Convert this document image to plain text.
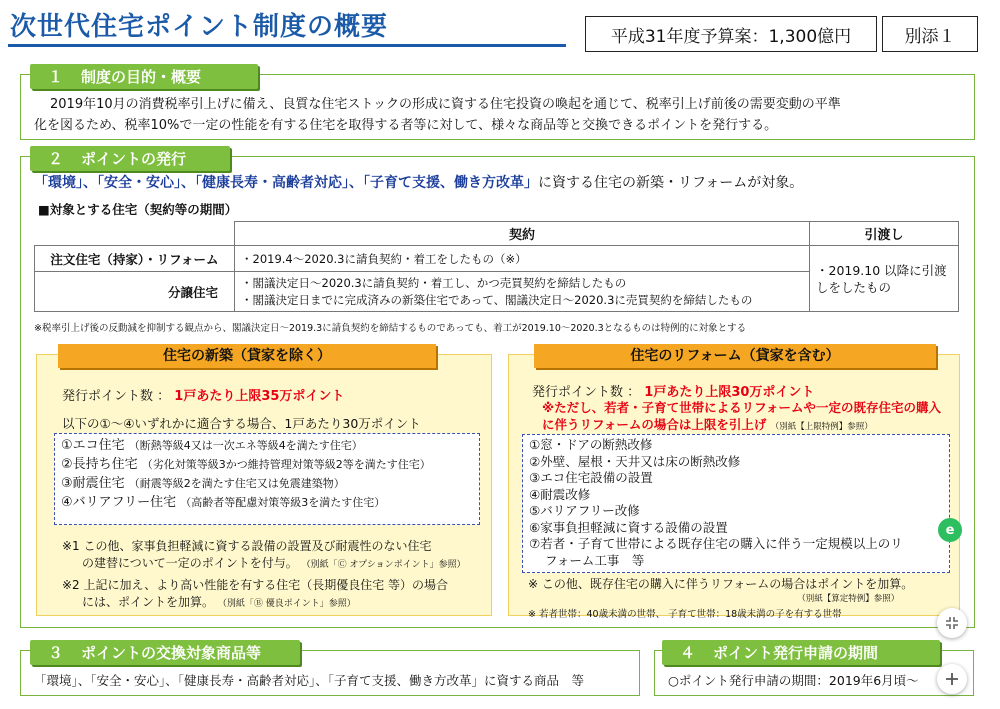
次世代住宅ポイント制度の概要	平成31年度予算案：1,300億円	別添１
１ 制度の目的・概要
2019年10月の消費税率引上げに備え、良質な住宅ストックの形成に資する住宅投資の喚起を通じて、税率引上げ前後の需要変動の平準
化を図るため、税率10%で一定の性能を有する住宅を取得する者等に対して、様々な商品等と交換できるポイントを発行する。
２ ポイントの発行
「環境」、「安全・安心」、「健康長寿・高齢者対応」、「子育て支援、働き方改革」に資する住宅の新築・リフォームが対象。
■対象とする住宅（契約等の期間）
	契約	引渡し
注文住宅（持家）・リフォーム	・2019.4～2020.3に請負契約・着工をしたもの（※）	・2019.10 以降に引渡しをしたもの
分譲住宅	・閣議決定日～2020.3に請負契約・着工し、かつ売買契約を締結したもの
・閣議決定日までに完成済みの新築住宅であって、閣議決定日～2020.3に売買契約を締結したもの	
※税率引上げ後の反動減を抑制する観点から、閣議決定日～2019.3に請負契約を締結するものであっても、着工が2019.10～2020.3となるものは特例的に対象とする
住宅の新築（貸家を除く）
発行ポイント数 ： 1戸あたり上限35万ポイント
以下の①～④いずれかに適合する場合、1戸あたり30万ポイント
①エコ住宅 （断熱等級4又は一次エネ等級4を満たす住宅）
②長持ち住宅 （劣化対策等級3かつ維持管理対策等級2等を満たす住宅）
③耐震住宅 （耐震等級2を満たす住宅又は免震建築物）
④バリアフリー住宅 （高齢者等配慮対策等級3を満たす住宅）
※1 この他、家事負担軽減に資する設備の設置及び耐震性のない住宅
の建替について一定のポイントを付与。 （別紙「Ⓒ オプションポイント」参照）
※2 上記に加え、より高い性能を有する住宅（長期優良住宅 等）の場合
には、ポイントを加算。 （別紙「Ⓑ 優良ポイント」参照）
住宅のリフォーム（貸家を含む）
発行ポイント数 ： 1戸あたり上限30万ポイント
※ただし、若者・子育て世帯によるリフォームや一定の既存住宅の購入
に伴うリフォームの場合は上限を引上げ （別紙【上限特例】参照）
①窓・ドアの断熱改修
②外壁、屋根・天井又は床の断熱改修
③エコ住宅設備の設置
④耐震改修
⑤バリアフリー改修
⑥家事負担軽減に資する設備の設置
⑦若者・子育て世帯による既存住宅の購入に伴う一定規模以上のリ
フォーム工事　等
※ この他、既存住宅の購入に伴うリフォームの場合はポイントを加算。
（別紙【算定特例】参照）
※ 若者世帯：40歳未満の世帯、 子育て世帯：18歳未満の子を有する世帯
３ ポイントの交換対象商品等
「環境」、「安全・安心」、「健康長寿・高齢者対応」、「子育て支援、働き方改革」に資する商品　等
４ ポイント発行申請の期間
○ポイント発行申請の期間：2019年6月頃～
e
